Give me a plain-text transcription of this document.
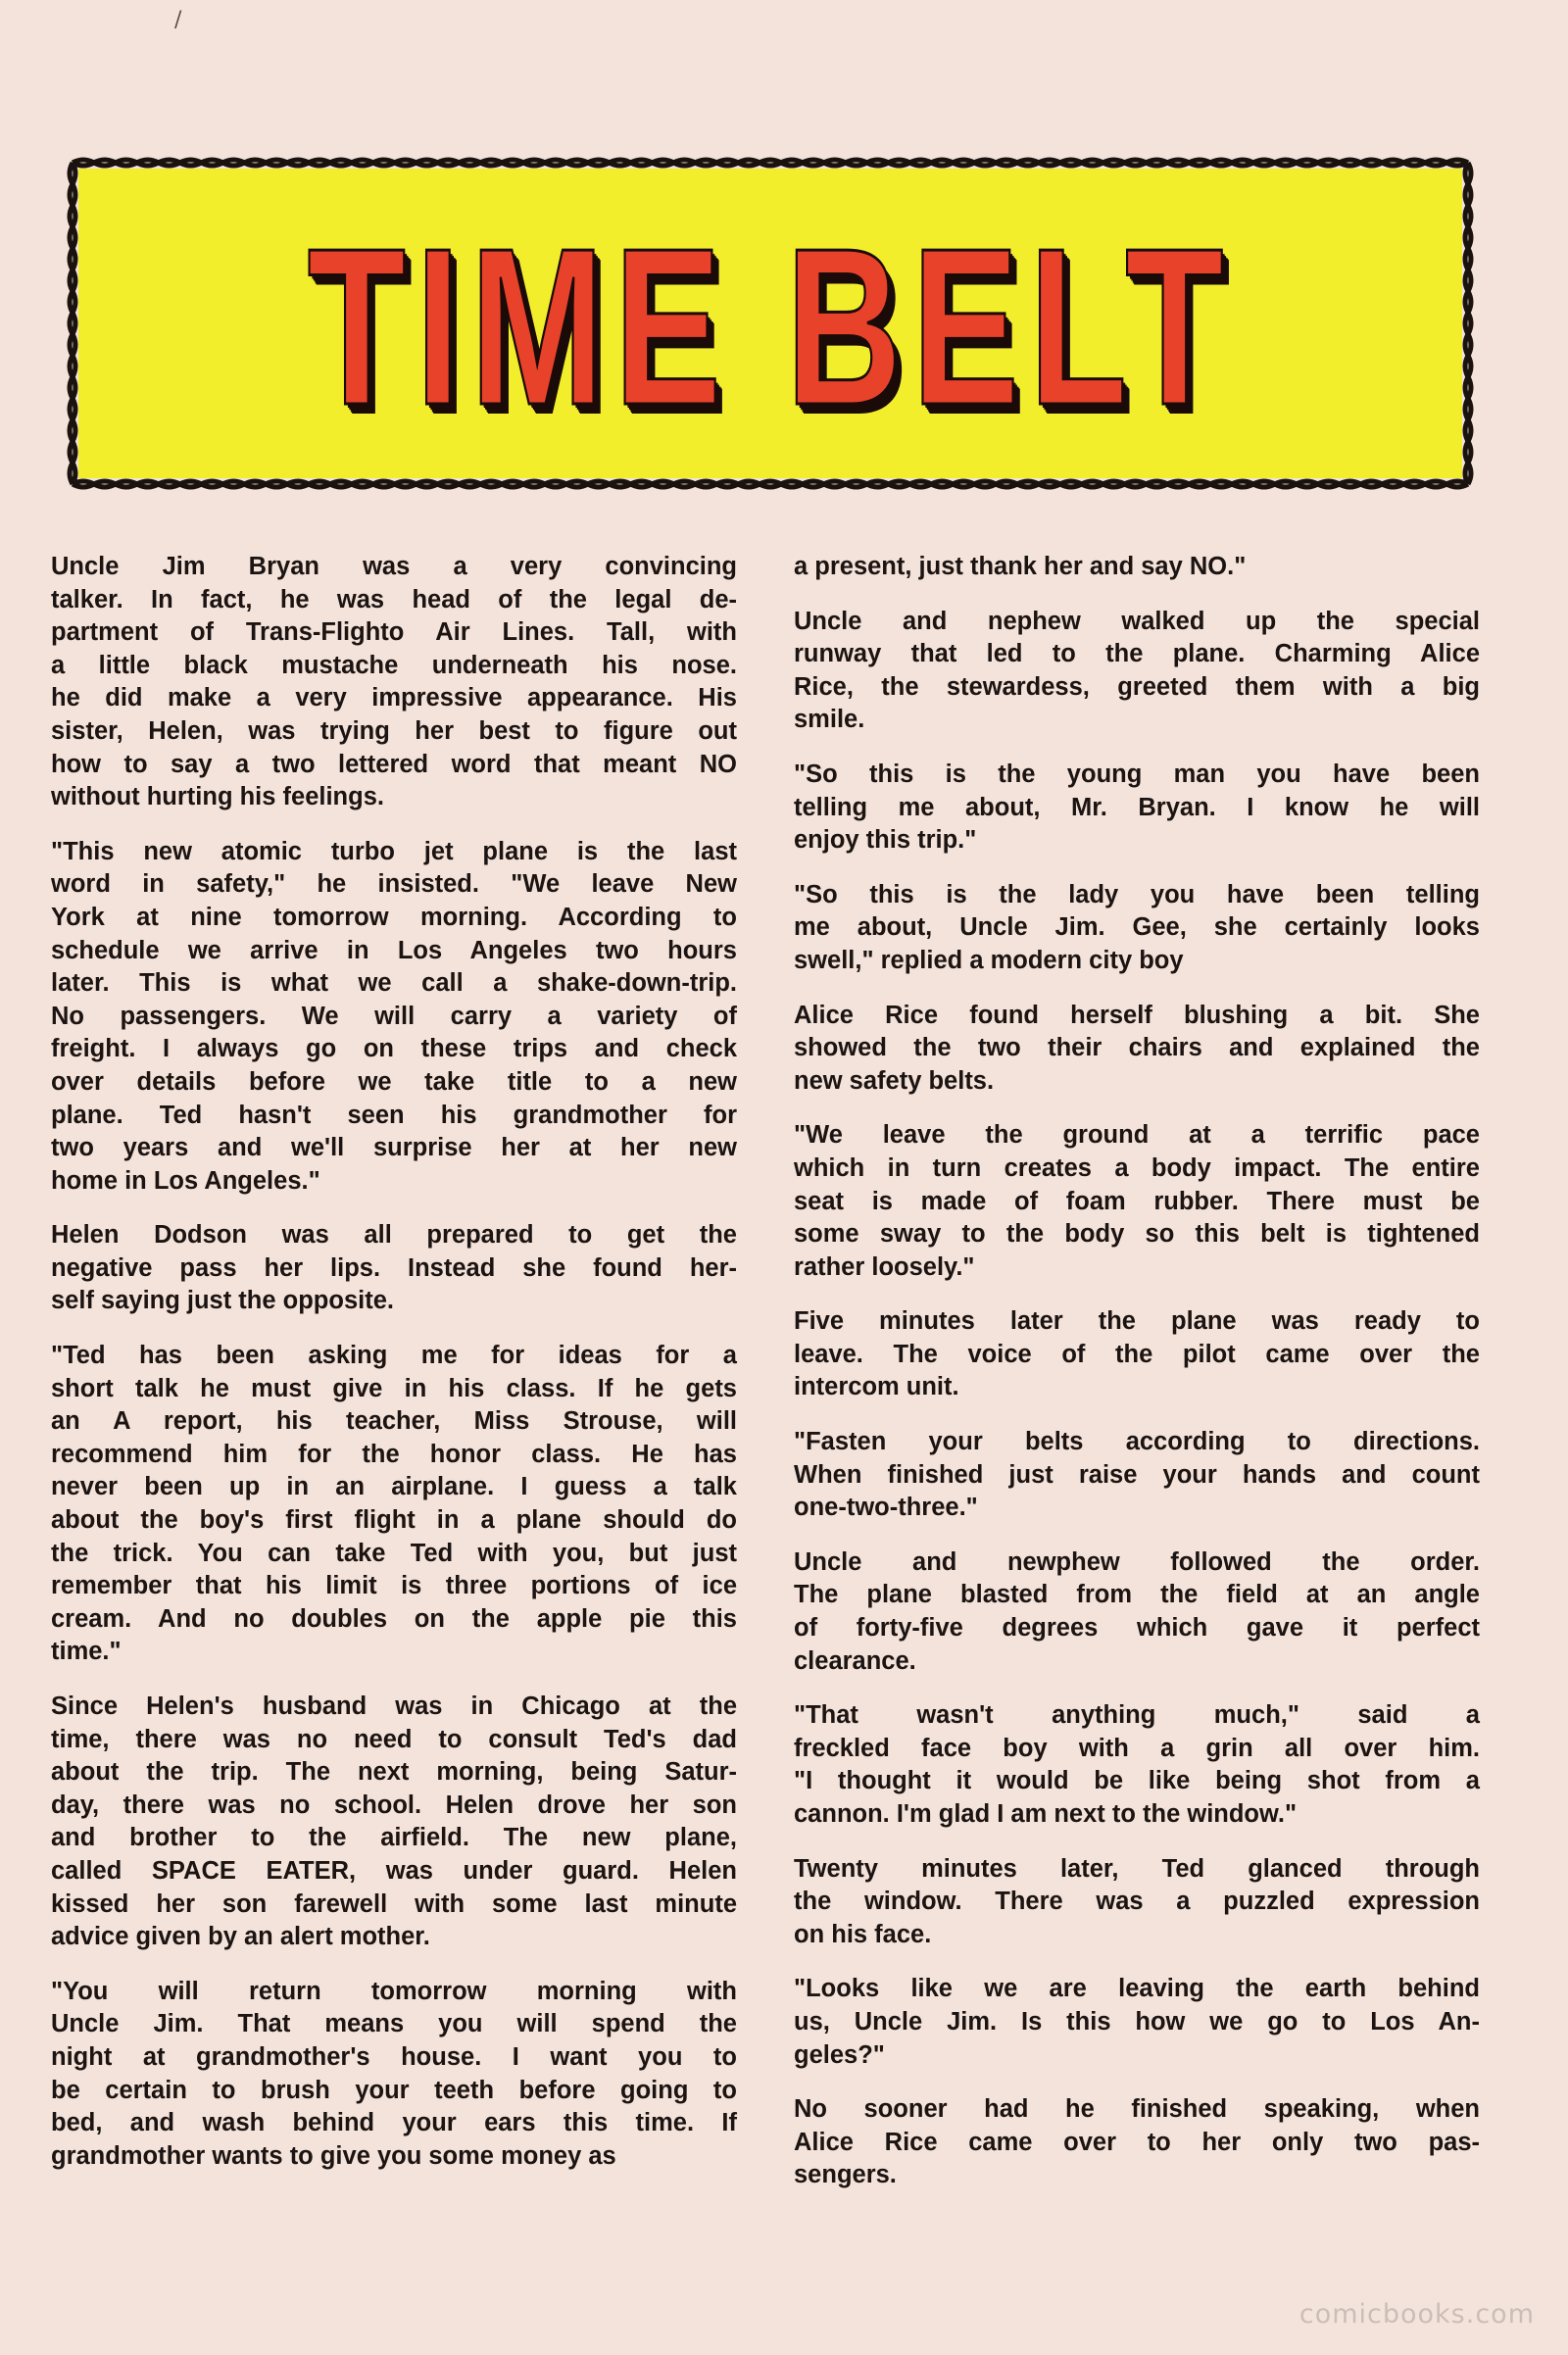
/
TIME BELT
Uncle Jim Bryan was a very convincing
talker. In fact, he was head of the legal de-
partment of Trans-Flighto Air Lines. Tall, with
a little black mustache underneath his nose.
he did make a very impressive appearance. His
sister, Helen, was trying her best to figure out
how to say a two lettered word that meant NO
without hurting his feelings.
"This new atomic turbo jet plane is the last
word in safety," he insisted. "We leave New
York at nine tomorrow morning. According to
schedule we arrive in Los Angeles two hours
later. This is what we call a shake-down-trip.
No passengers. We will carry a variety of
freight. I always go on these trips and check
over details before we take title to a new
plane. Ted hasn't seen his grandmother for
two years and we'll surprise her at her new
home in Los Angeles."
Helen Dodson was all prepared to get the
negative pass her lips. Instead she found her-
self saying just the opposite.
"Ted has been asking me for ideas for a
short talk he must give in his class. If he gets
an A report, his teacher, Miss Strouse, will
recommend him for the honor class. He has
never been up in an airplane. I guess a talk
about the boy's first flight in a plane should do
the trick. You can take Ted with you, but just
remember that his limit is three portions of ice
cream. And no doubles on the apple pie this
time."
Since Helen's husband was in Chicago at the
time, there was no need to consult Ted's dad
about the trip. The next morning, being Satur-
day, there was no school. Helen drove her son
and brother to the airfield. The new plane,
called SPACE EATER, was under guard. Helen
kissed her son farewell with some last minute
advice given by an alert mother.
"You will return tomorrow morning with
Uncle Jim. That means you will spend the
night at grandmother's house. I want you to
be certain to brush your teeth before going to
bed, and wash behind your ears this time. If
grandmother wants to give you some money as
a present, just thank her and say NO."
Uncle and nephew walked up the special
runway that led to the plane. Charming Alice
Rice, the stewardess, greeted them with a big
smile.
"So this is the young man you have been
telling me about, Mr. Bryan. I know he will
enjoy this trip."
"So this is the lady you have been telling
me about, Uncle Jim. Gee, she certainly looks
swell," replied a modern city boy
Alice Rice found herself blushing a bit. She
showed the two their chairs and explained the
new safety belts.
"We leave the ground at a terrific pace
which in turn creates a body impact. The entire
seat is made of foam rubber. There must be
some sway to the body so this belt is tightened
rather loosely."
Five minutes later the plane was ready to
leave. The voice of the pilot came over the
intercom unit.
"Fasten your belts according to directions.
When finished just raise your hands and count
one-two-three."
Uncle and newphew followed the order.
The plane blasted from the field at an angle
of forty-five degrees which gave it perfect
clearance.
"That wasn't anything much," said a
freckled face boy with a grin all over him.
"I thought it would be like being shot from a
cannon. I'm glad I am next to the window."
Twenty minutes later, Ted glanced through
the window. There was a puzzled expression
on his face.
"Looks like we are leaving the earth behind
us, Uncle Jim. Is this how we go to Los An-
geles?"
No sooner had he finished speaking, when
Alice Rice came over to her only two pas-
sengers.
comicbooks.com
